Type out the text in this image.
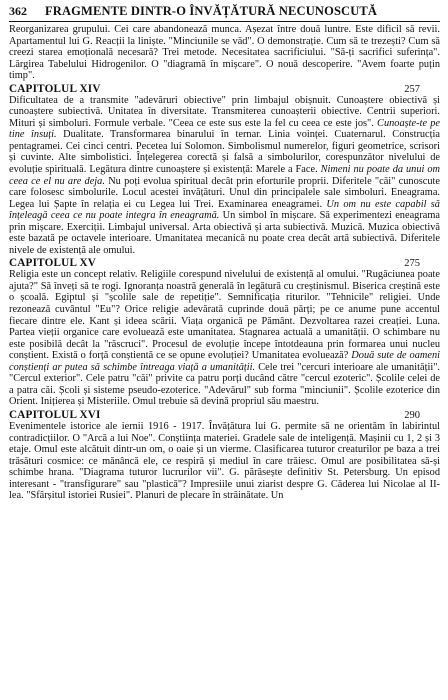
362 FRAGMENTE DINTR-O ÎNVĂȚĂTURĂ NECUNOSCUTĂ

Reorganizarea grupului. Cei care abandonează munca. Așezat între două luntre. Este dificil să revii. Apartamentul lui G. Reacții la liniște. "Minciunile se văd". O demonstrație. Cum să te trezești? Cum să creezi starea emoțională necesară? Trei metode. Necesitatea sacrificiului. "Să-ți sacrifici suferința". Lărgirea Tabelului Hidrogenilor. O "diagramă în mișcare". O nouă descoperire. "Avem foarte puțin timp".

CAPITOLUL XIV	257

Dificultatea de a transmite "adevăruri obiective" prin limbajul obișnuit. Cunoaștere obiectivă și cunoaștere subiectivă. Unitatea în diversitate. Transmiterea cunoașterii obiective. Centrii superiori. Mituri și simboluri. Formule verbale. "Ceea ce este sus este la fel cu ceea ce este jos". Cunoaște-te pe tine însuți. Dualitate. Transformarea binarului în ternar. Linia voinței. Cuaternarul. Construcția pentagramei. Cei cinci centri. Pecetea lui Solomon. Simbolismul numerelor, figuri geometrice, scrisori și cuvinte. Alte simbolistici. Înțelegerea corectă și falsă a simbolurilor, corespunzător nivelului de evoluție spirituală. Legătura dintre cunoaștere și existență: Marele a Face. Nimeni nu poate da unui om ceea ce el nu are deja. Nu poți evolua spiritual decât prin eforturile proprii. Diferitele "căi" cunoscute care folosesc simbolurile. Locul acestei învățături. Unul din principalele sale simboluri. Eneagrama. Legea lui Șapte în relația ei cu Legea lui Trei. Examinarea eneagramei. Un om nu este capabil să înțeleagă ceea ce nu poate integra în eneagramă. Un simbol în mișcare. Să experimentezi eneagrama prin mișcare. Exerciții. Limbajul universal. Arta obiectivă și arta subiectivă. Muzică. Muzica obiectivă este bazată pe octavele interioare. Umanitatea mecanică nu poate crea decât artă subiectivă. Diferitele nivele de existență ale omului.

CAPITOLUL XV	275

Religia este un concept relativ. Religiile corespund nivelului de existență al omului. "Rugăciunea poate ajuta?" Să înveți să te rogi. Ignoranța noastră generală în legătură cu creștinismul. Biserica creștină este o școală. Egiptul și "școlile sale de repetiție". Semnificația riturilor. "Tehnicile" religiei. Unde rezonează cuvântul "Eu"? Orice religie adevărată cuprinde două părți; pe ce anume pune accentul fiecare dintre ele. Kant și ideea scării. Viața organică pe Pământ. Dezvoltarea razei creației. Luna. Partea vieții organice care evoluează este umanitatea. Stagnarea actuală a umanității. O schimbare nu este posibilă decât la "răscruci". Procesul de evoluție începe întotdeauna prin formarea unui nucleu conștient. Există o forță conștientă ce se opune evoluției? Umanitatea evoluează? Două sute de oameni conștienți ar putea să schimbe întreaga viață a umanității. Cele trei "cercuri interioare ale umanității". "Cercul exterior". Cele patru "căi" privite ca patru porți ducând către "cercul ezoteric". Școlile celei de a patra căi. Școli și sisteme pseudo-ezoterice. "Adevărul" sub forma "minciunii". Școlile ezoterice din Orient. Inițierea și Misteriile. Omul trebuie să devină propriul său maestru.

CAPITOLUL XVI	290

Evenimentele istorice ale iernii 1916 - 1917. Învățătura lui G. permite să ne orientăm în labirintul contradicțiilor. O "Arcă a lui Noe". Conștiința materiei. Gradele sale de inteligență. Mașinii cu 1, 2 și 3 etaje. Omul este alcătuit dintr-un om, o oaie și un vierme. Clasificarea tuturor creaturilor pe baza a trei trăsături cosmice: ce mănâncă ele, ce respiră și mediul în care trăiesc. Omul are posibilitatea să-și schimbe hrana. "Diagrama tuturor lucrurilor vii". G. părăsește definitiv St. Petersburg. Un episod interesant - "transfigurare" sau "plastică"? Impresiile unui ziarist despre G. Căderea lui Nicolae al II-lea. "Sfârșitul istoriei Rusiei". Planuri de plecare în străinătate. Un
